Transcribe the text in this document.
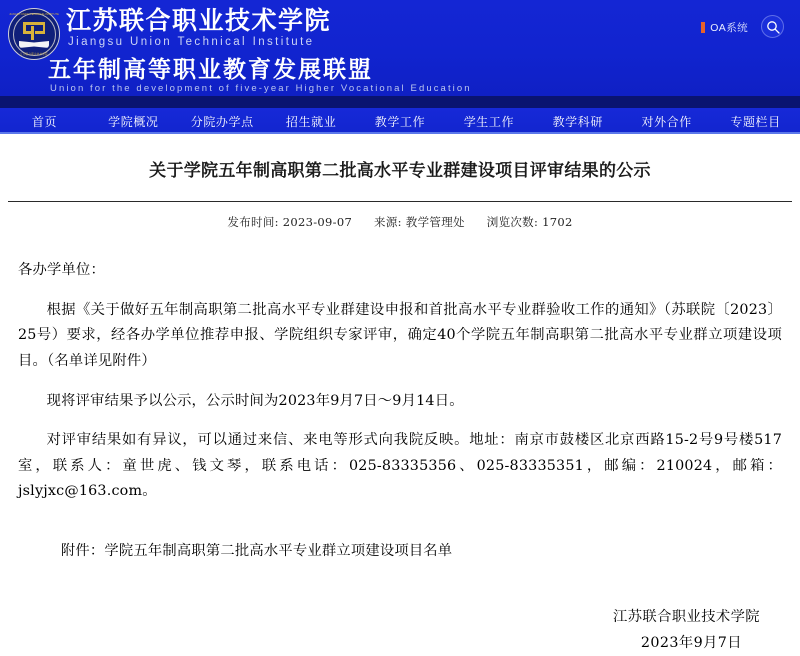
JIANGSU UNION TECHNICAL INSTITUTE
江苏联合职业技术学院
江苏联合职业技术学院
Jiangsu Union Technical Institute
五年制高等职业教育发展联盟
Union for the development of five-year Higher Vocational Education
OA系统
首页	学院概况	分院办学点	招生就业	教学工作	学生工作	教学科研	对外合作	专题栏目
关于学院五年制高职第二批高水平专业群建设项目评审结果的公示
发布时间: 2023-09-07 来源: 教学管理处 浏览次数: 1702

各办学单位：

根据《关于做好五年制高职第二批高水平专业群建设申报和首批高水平专业群验收工作的通知》（苏联院〔2023〕25号）要求，经各办学单位推荐申报、学院组织专家评审，确定40个学院五年制高职第二批高水平专业群立项建设项目。（名单详见附件）

现将评审结果予以公示，公示时间为2023年9月7日～9月14日。

对评审结果如有异议，可以通过来信、来电等形式向我院反映。地址：南京市鼓楼区北京西路15-2号9号楼517室，联系人：童世虎、钱文琴，联系电话：025-83335356、025-83335351，邮编：210024，邮箱：jslyjxc@163.com。

附件：学院五年制高职第二批高水平专业群立项建设项目名单

江苏联合职业技术学院
2023年9月7日
